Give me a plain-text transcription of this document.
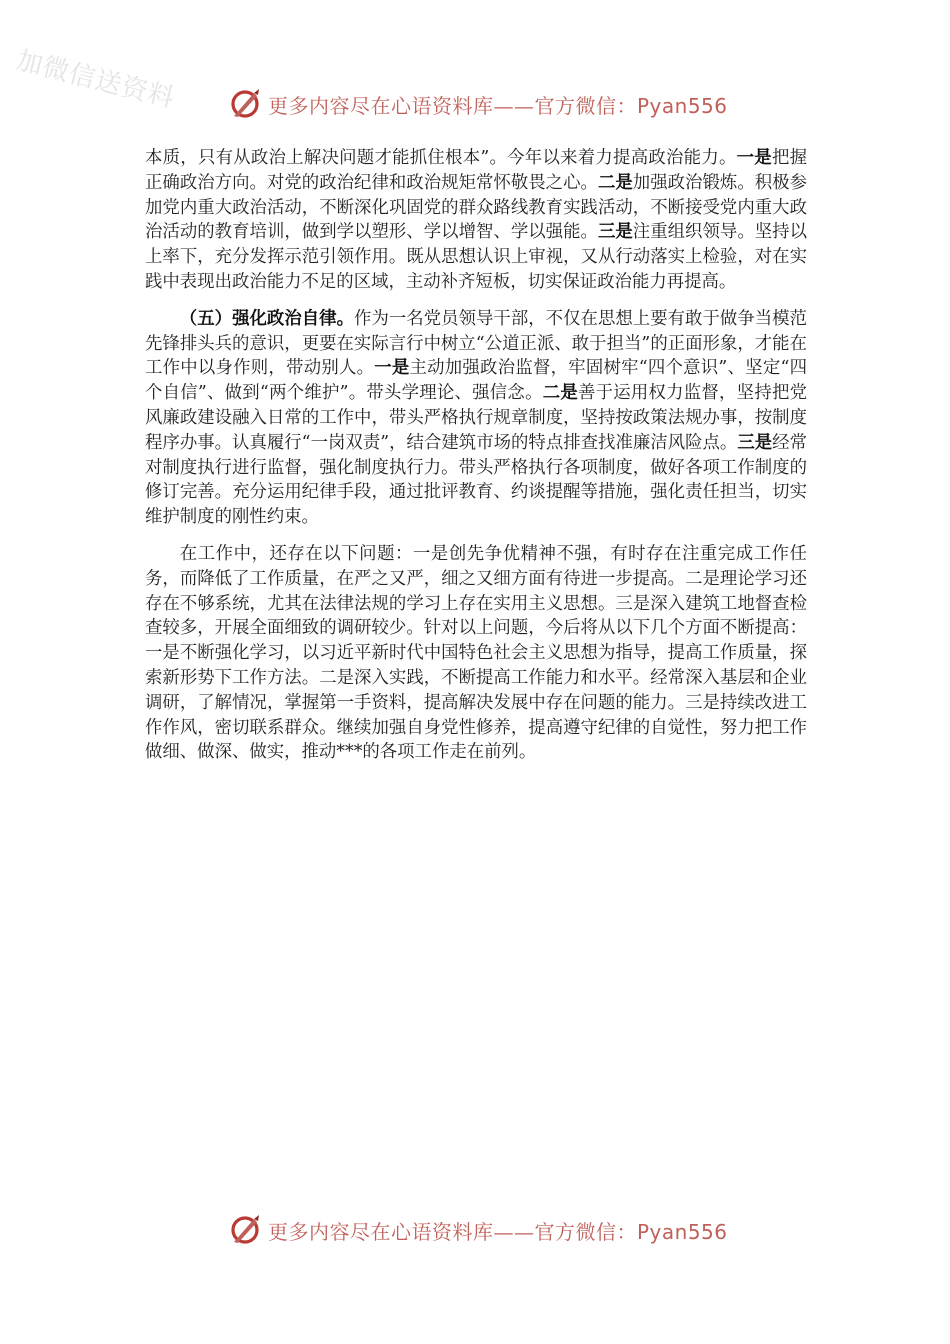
加微信送资料	更多内容尽在心语资料库——官方微信：Pyan556

本质，只有从政治上解决问题才能抓住根本”。今年以来着力提高政治能力。一是把握正确政治方向。对党的政治纪律和政治规矩常怀敬畏之心。二是加强政治锻炼。积极参加党内重大政治活动，不断深化巩固党的群众路线教育实践活动，不断接受党内重大政治活动的教育培训，做到学以塑形、学以增智、学以强能。三是注重组织领导。坚持以上率下，充分发挥示范引领作用。既从思想认识上审视，又从行动落实上检验，对在实践中表现出政治能力不足的区域，主动补齐短板，切实保证政治能力再提高。

（五）强化政治自律。作为一名党员领导干部，不仅在思想上要有敢于做争当模范先锋排头兵的意识，更要在实际言行中树立“公道正派、敢于担当”的正面形象，才能在工作中以身作则，带动别人。一是主动加强政治监督，牢固树牢“四个意识”、坚定“四个自信”、做到“两个维护”。带头学理论、强信念。二是善于运用权力监督，坚持把党风廉政建设融入日常的工作中，带头严格执行规章制度，坚持按政策法规办事，按制度程序办事。认真履行“一岗双责”，结合建筑市场的特点排查找准廉洁风险点。三是经常对制度执行进行监督，强化制度执行力。带头严格执行各项制度，做好各项工作制度的修订完善。充分运用纪律手段，通过批评教育、约谈提醒等措施，强化责任担当，切实维护制度的刚性约束。

在工作中，还存在以下问题：一是创先争优精神不强，有时存在注重完成工作任务，而降低了工作质量，在严之又严，细之又细方面有待进一步提高。二是理论学习还存在不够系统，尤其在法律法规的学习上存在实用主义思想。三是深入建筑工地督查检查较多，开展全面细致的调研较少。针对以上问题，今后将从以下几个方面不断提高：一是不断强化学习，以习近平新时代中国特色社会主义思想为指导，提高工作质量，探索新形势下工作方法。二是深入实践，不断提高工作能力和水平。经常深入基层和企业调研，了解情况，掌握第一手资料，提高解决发展中存在问题的能力。三是持续改进工作作风，密切联系群众。继续加强自身党性修养，提高遵守纪律的自觉性，努力把工作做细、做深、做实，推动***的各项工作走在前列。

更多内容尽在心语资料库——官方微信：Pyan556
